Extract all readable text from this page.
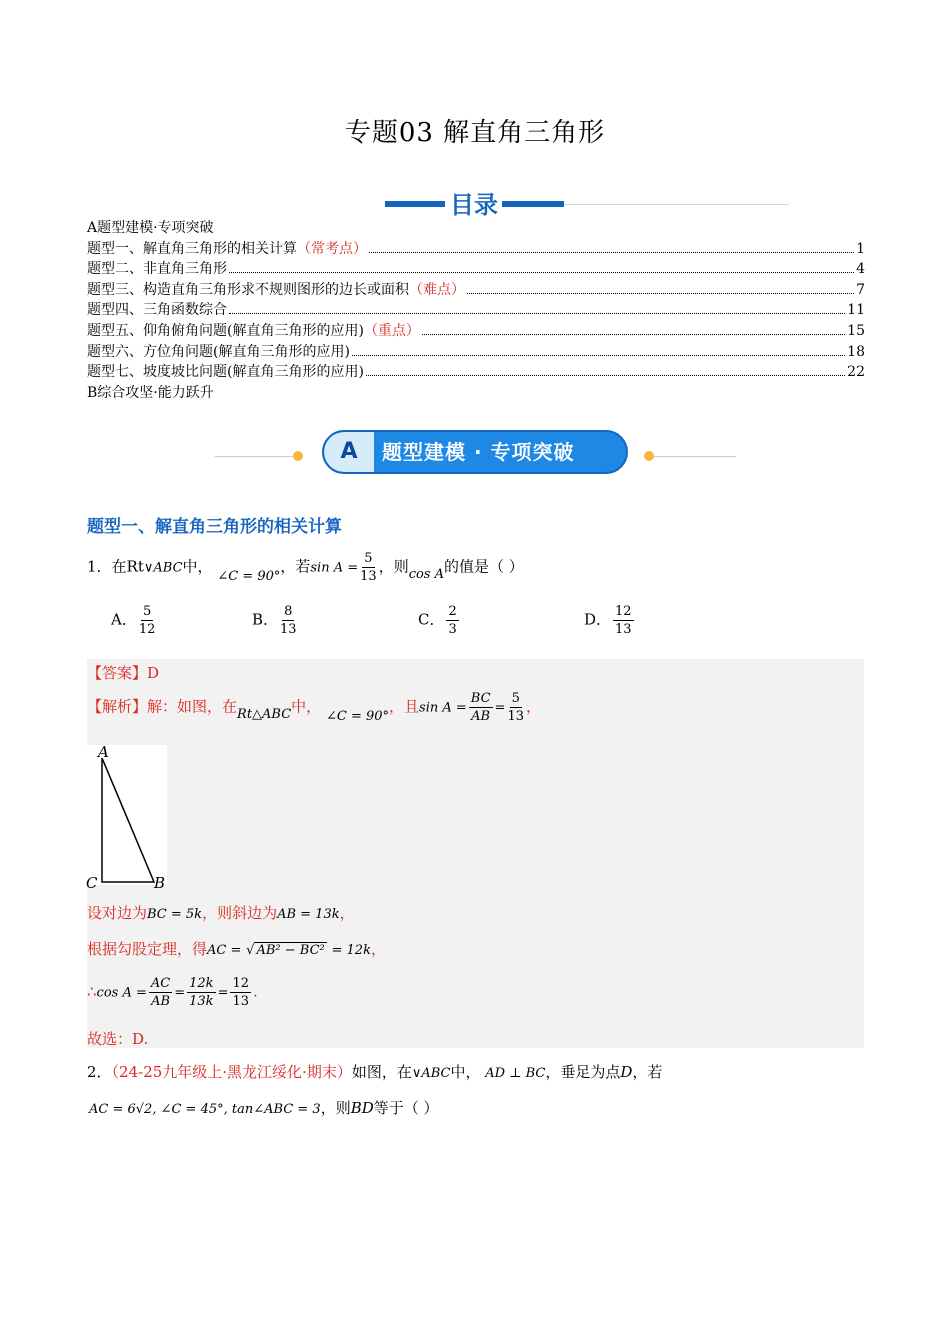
专题03 解直角三角形
目录
A题型建模·专项突破
题型一、解直角三角形的相关计算 （常考点）	1
题型二、非直角三角形	4
题型三、构造直角三角形求不规则图形的边长或面积 （难点）	7
题型四、三角函数综合	11
题型五、仰角俯角问题(解直角三角形的应用) （重点）	15
题型六、方位角问题(解直角三角形的应用)	18
题型七、坡度坡比问题(解直角三角形的应用)	22
B综合攻坚·能力跃升
A	题型建模 · 专项突破
题型一、解直角三角形的相关计算
1．在Rt∨ABC中， ∠C = 90°，若$\sin A = \frac{5}{13}$ ，则cos A的值是（ ）
A． $\frac{5}{12}$	B． $\frac{8}{13}$	C． $\frac{2}{3}$	D． $\frac{12}{13}$
【答案】D
【解析】解：如图，在Rt△ABC中， ∠C = 90°，且$\sin A = \frac{BC}{AB} = \frac{5}{13}$ ，
A
C	B
设对边为BC = 5k，则斜边为AB = 13k，
根据勾股定理，得AC = √ AB² − BC² = 12k，
∴cos $A = \frac{AC}{AB} = \frac{12k}{13k} = \frac{12}{13}$ .
故选：D.
2．（24-25九年级上·黑龙江绥化·期末）如图，在∨ABC中， AD ⊥ BC，垂足为点D，若
AC = 6√2, ∠C = 45°, tan∠ABC = 3，则BD等于（ ）
